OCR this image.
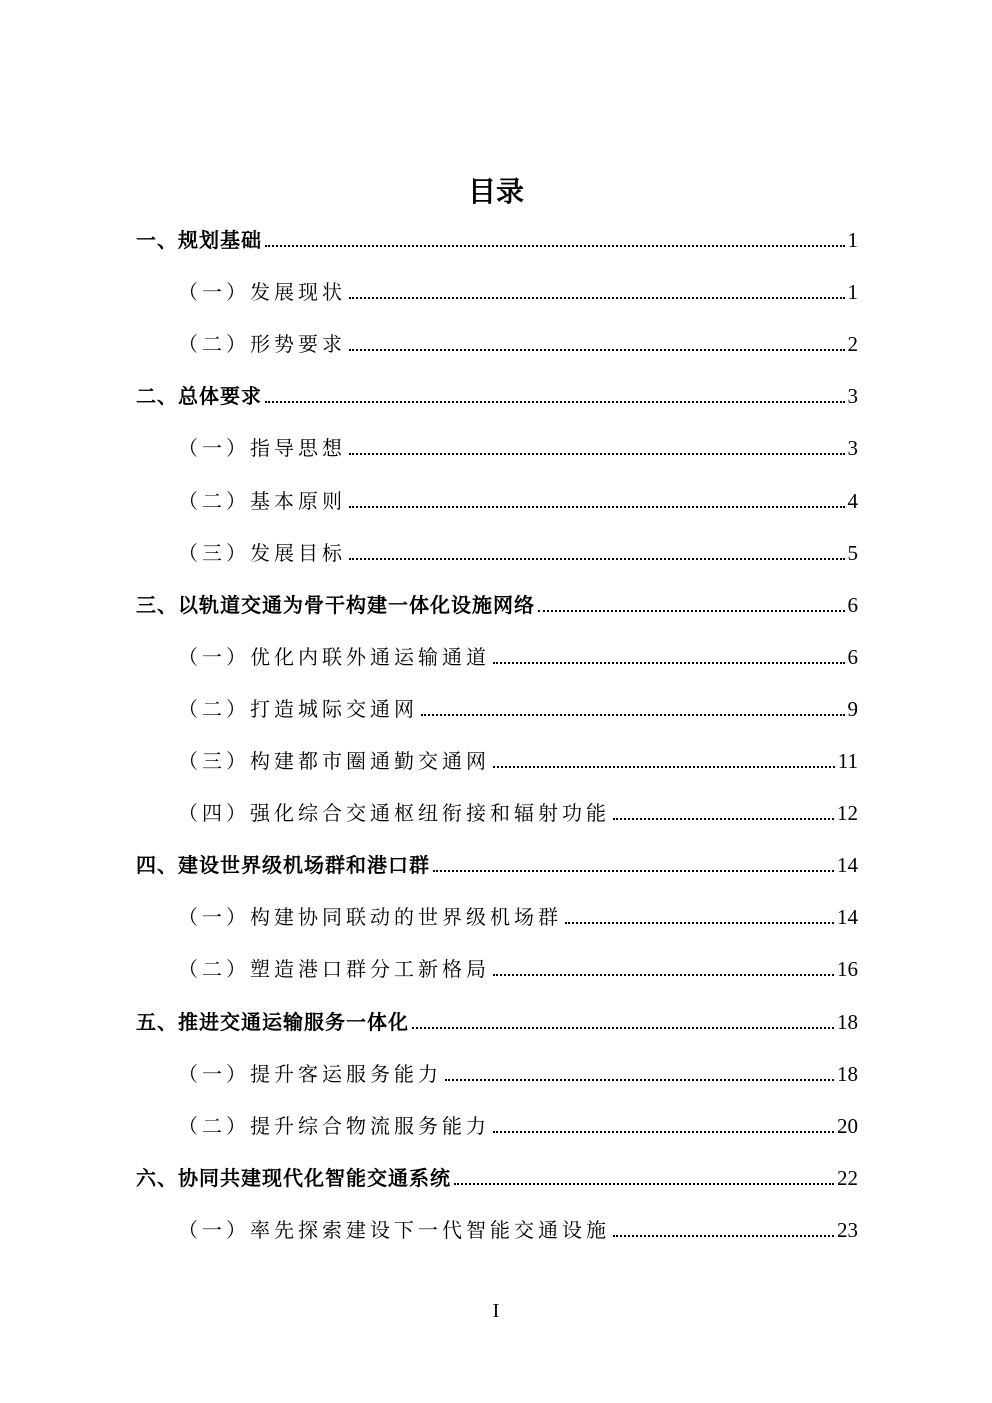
目录
一、规划基础	1
（一）发展现状	1
（二）形势要求	2
二、总体要求	3
（一）指导思想	3
（二）基本原则	4
（三）发展目标	5
三、以轨道交通为骨干构建一体化设施网络	6
（一）优化内联外通运输通道	6
（二）打造城际交通网	9
（三）构建都市圈通勤交通网	11
（四）强化综合交通枢纽衔接和辐射功能	12
四、建设世界级机场群和港口群	14
（一）构建协同联动的世界级机场群	14
（二）塑造港口群分工新格局	16
五、推进交通运输服务一体化	18
（一）提升客运服务能力	18
（二）提升综合物流服务能力	20
六、协同共建现代化智能交通系统	22
（一）率先探索建设下一代智能交通设施	23
I
